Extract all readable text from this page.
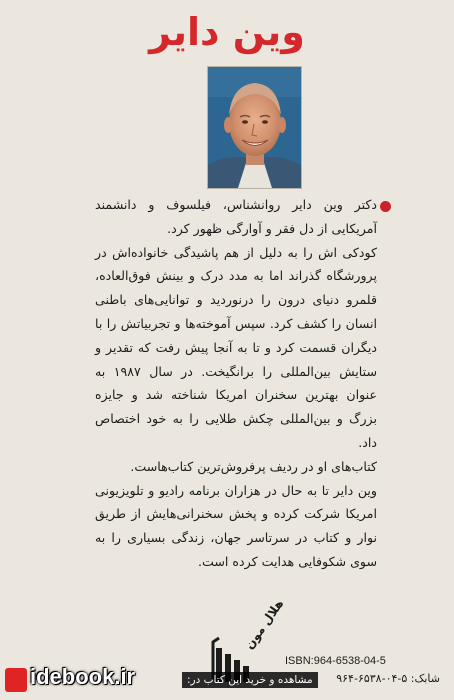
وین دایر

دکتر وین دایر روانشناس، فیلسوف و دانشمند آمریکایی از دل فقر و آوارگی ظهور کرد.

کودکی اش را به دلیل از هم پاشیدگی خانواده‌اش در پرورشگاه گذراند اما به مدد درک و بینش فوق‌العاده، قلمرو دنیای درون را درنوردید و توانایی‌های باطنی انسان را کشف کرد. سپس آموخته‌ها و تجربیاتش را با دیگران قسمت کرد و تا به آنجا پیش رفت که تقدیر و ستایش بین‌المللی را برانگیخت. در سال ۱۹۸۷ به عنوان بهترین سخنران امریکا شناخته شد و جایزه بزرگ و بین‌المللی چکش طلایی را به خود اختصاص داد.

کتاب‌های او در ردیف پرفروش‌ترین کتاب‌هاست.

وین دایر تا به حال در هزاران برنامه رادیو و تلویزیونی امریکا شرکت کرده و پخش سخنرانی‌هایش از طریق نوار و کتاب در سرتاسر جهان، زندگی بسیاری را به سوی شکوفایی هدایت کرده است.

هلال مون
ISBN:964-6538-04-5
شابک: ۵-۰۴-۶۵۳۸-۹۶۴
idebook.ir	مشاهده و خرید این کتاب در:
